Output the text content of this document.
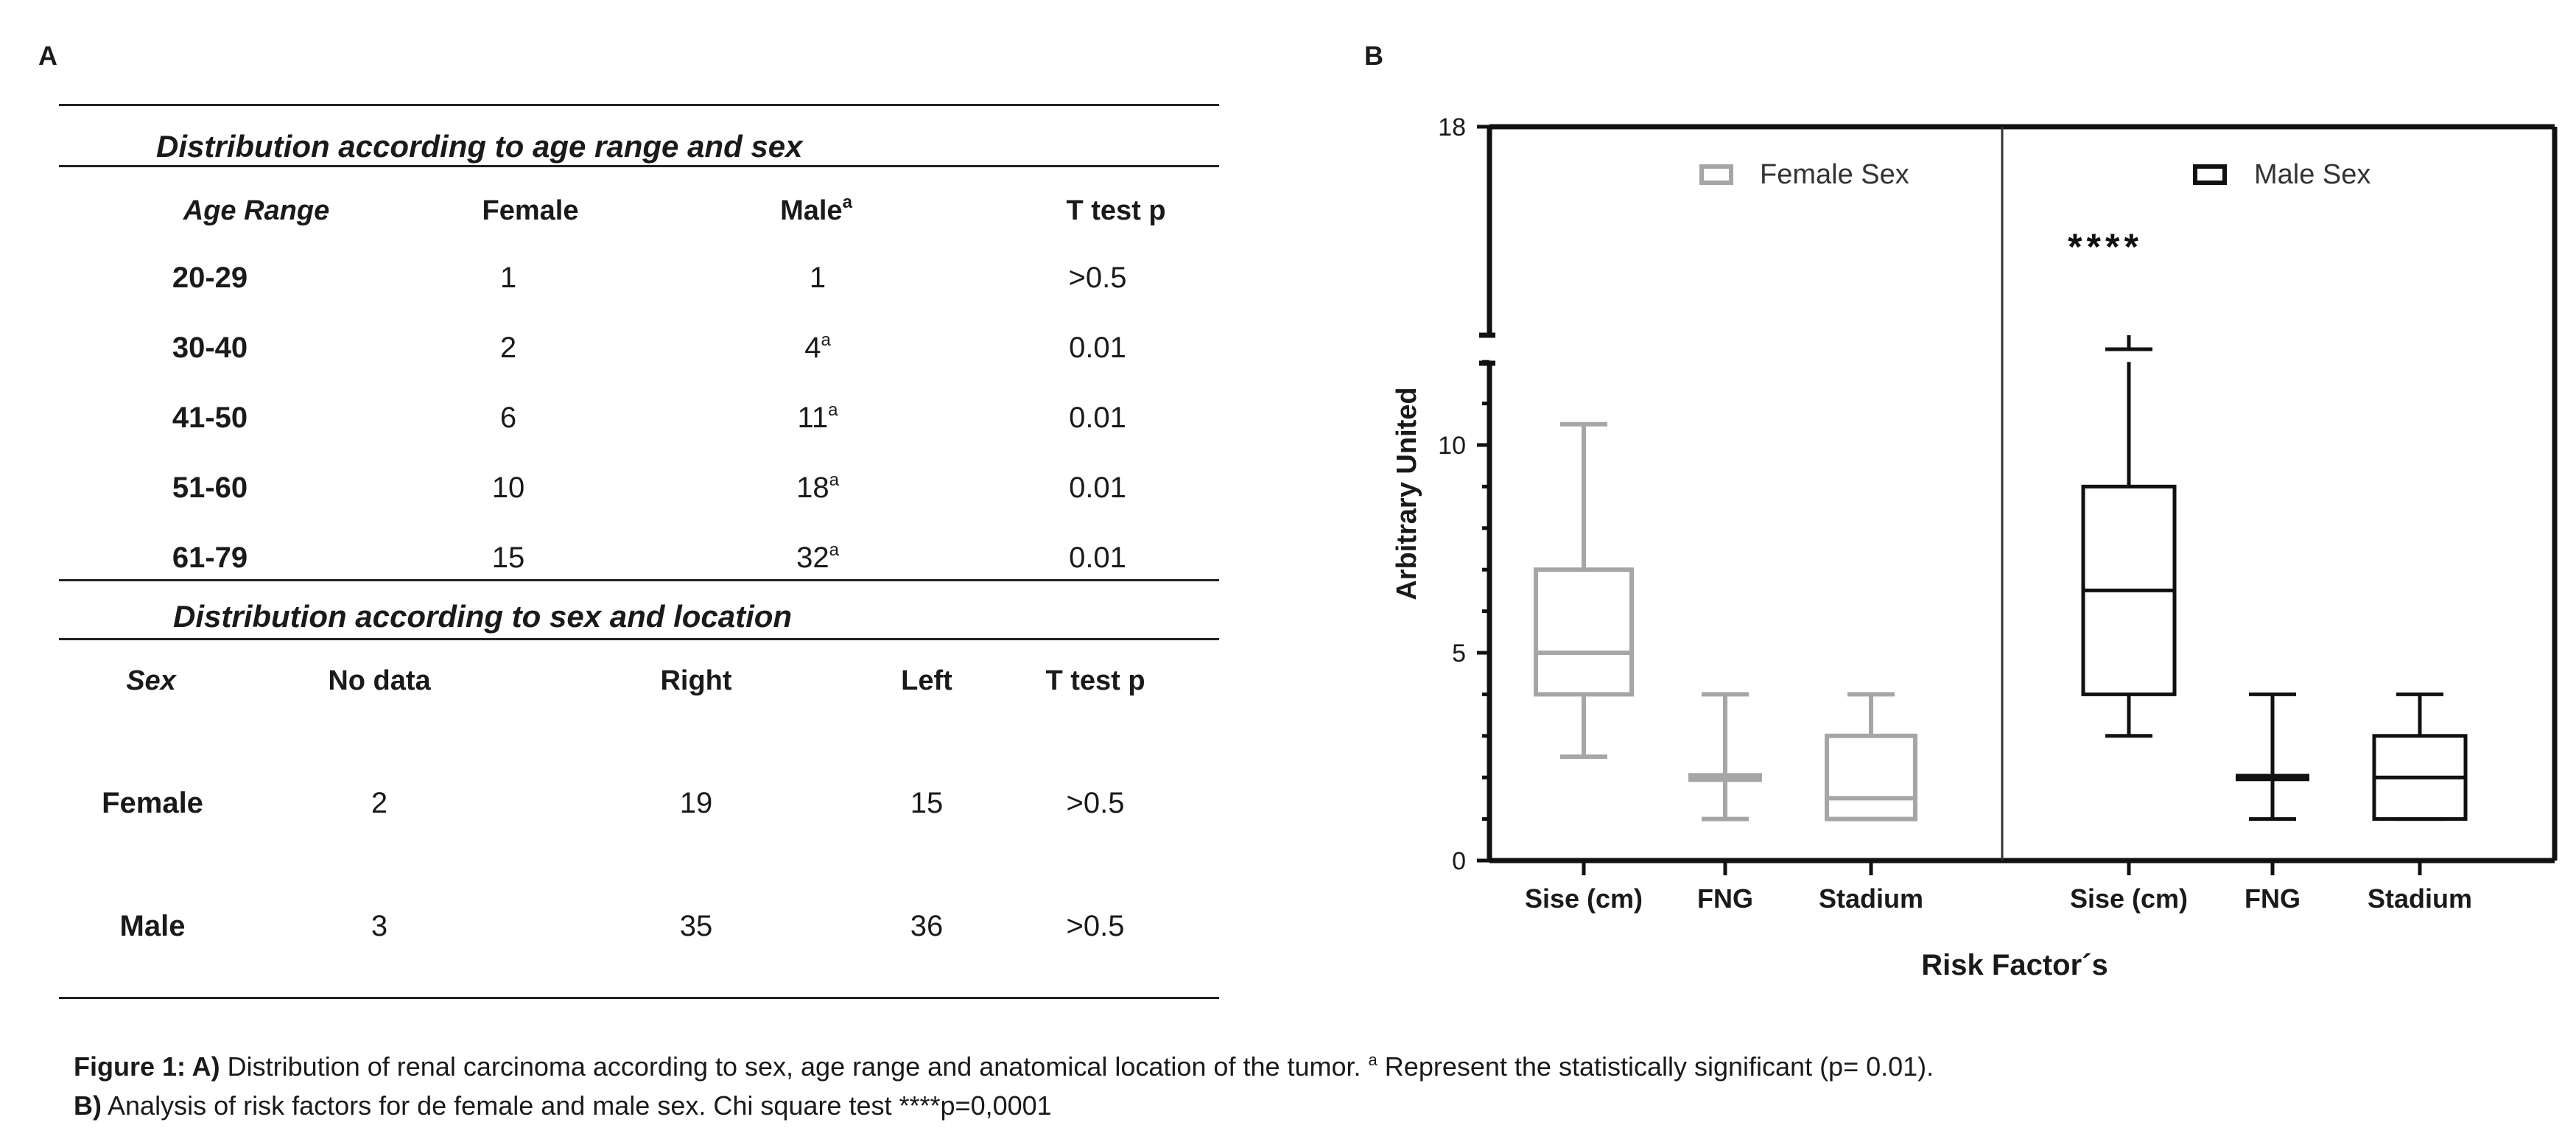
A
Distribution according to age range and sex
Age Range	Female	Male$^a$	T test p
20-29	1	1	>0.5
30-40	2	4$^a$	0.01
41-50	6	11$^a$	0.01
51-60	10	18$^a$	0.01
61-79	15	32$^a$	0.01
Distribution according to sex and location
Sex	No data	Right	Left	T test p
Female	2	19	15	>0.5
Male	3	35	36	>0.5
B
0
5
10
18
Sise (cm) FNG Stadium	Sise (cm) FNG	Stadium
Female Sex	Male Sex
****
Arbitrary United
Risk Factor´s
Figure 1: A) Distribution of renal carcinoma according to sex, age range and anatomical location of the tumor. $^a$ Represent the statistically significant (p= 0.01).
B) Analysis of risk factors for de female and male sex. Chi square test ****p=0,0001
